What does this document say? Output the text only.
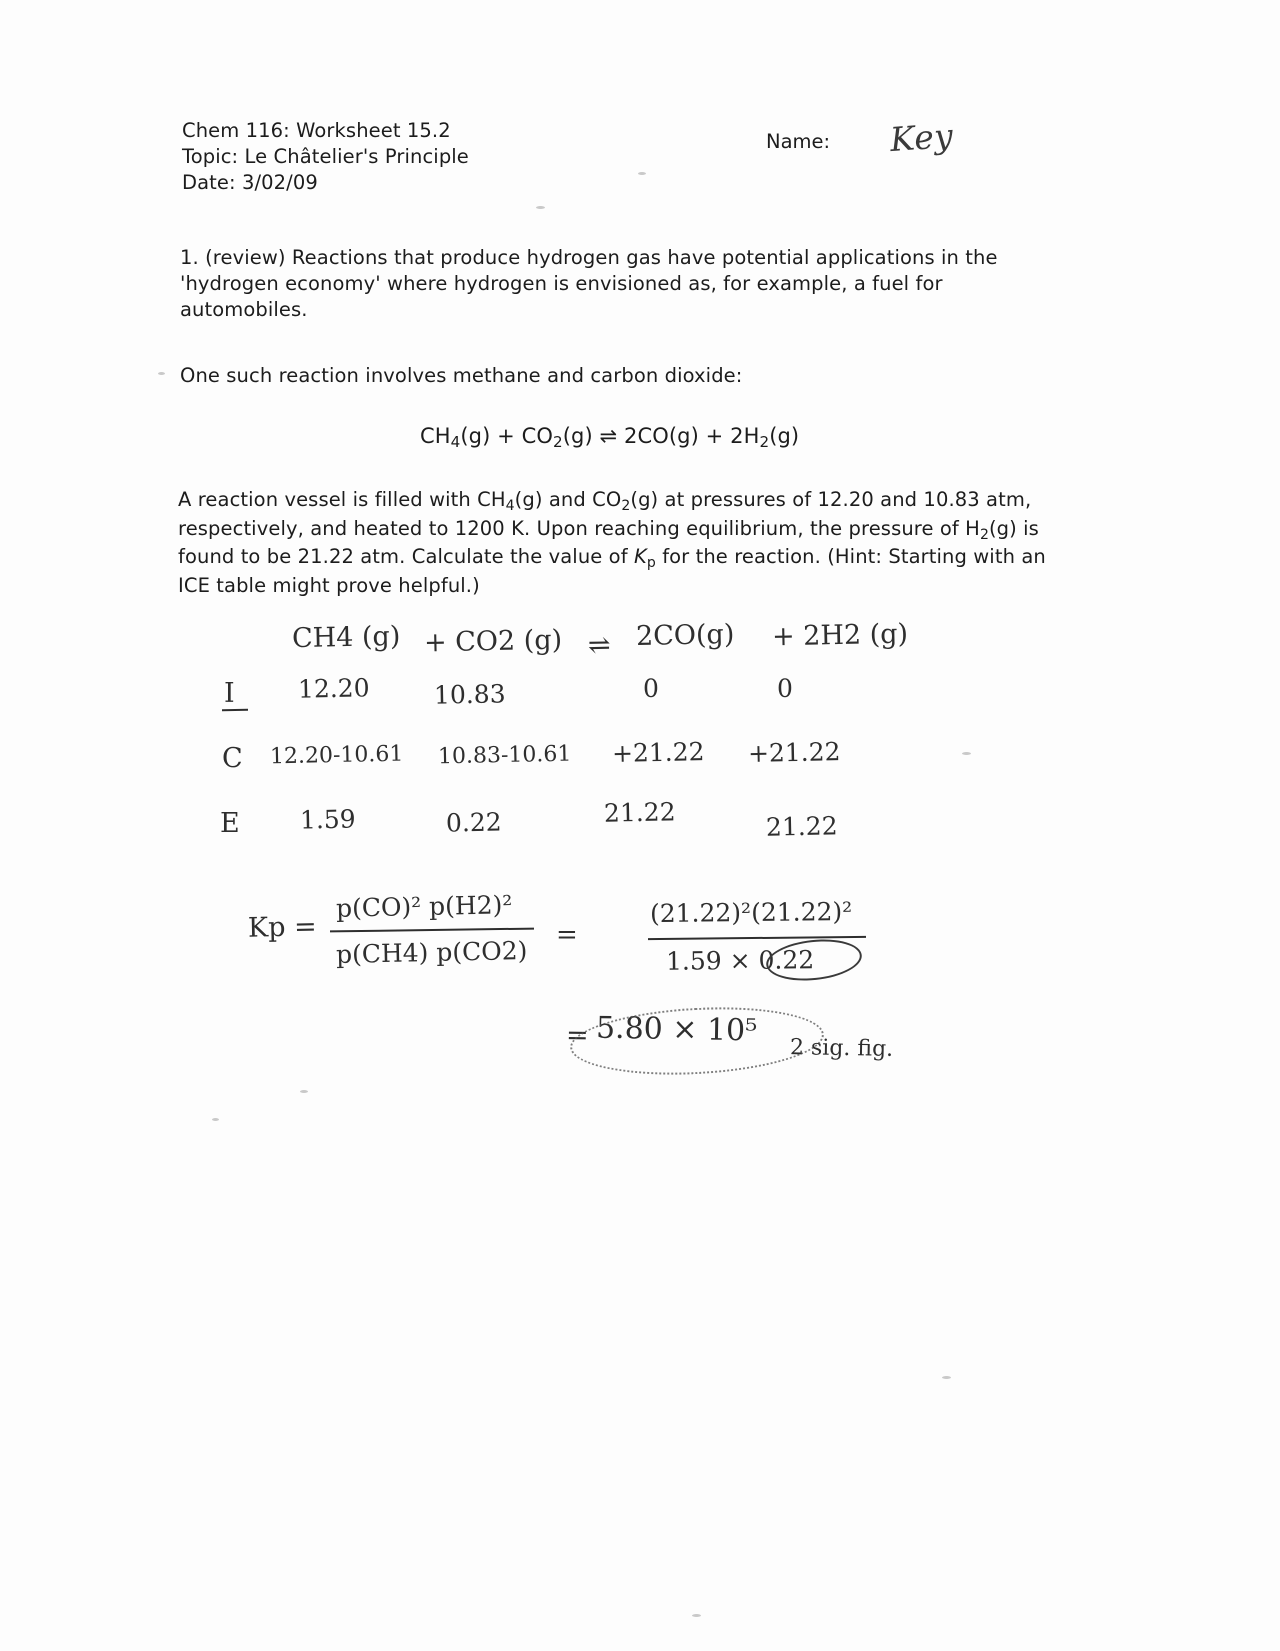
Chem 116: Worksheet 15.2
Topic: Le Châtelier's Principle
Date: 3/02/09
Name: Key
1. (review) Reactions that produce hydrogen gas have potential applications in the 'hydrogen economy' where hydrogen is envisioned as, for example, a fuel for automobiles.
One such reaction involves methane and carbon dioxide:
$CH_4(g) + CO_2(g)$ ⇌ $2CO(g) + 2H_2(g)$
A reaction vessel is filled with $CH_4(g)$ and $CO_2(g)$ at pressures of 12.20 and 10.83 atm, respectively, and heated to 1200 K. Upon reaching equilibrium, the pressure of $H_2(g)$ is found to be 21.22 atm. Calculate the value of $K_p$ for the reaction. (Hint: Starting with an ICE table might prove helpful.)
CH4 (g) + CO2 (g) ⇌ 2CO(g) + 2H2 (g)
I	12.20	10.83	0	0
C 12.20-10.61 10.83-10.61 +21.22 +21.22
E 1.59	0.22	21.22	21.22
Kp =
p(CO)² p(H2)²
p(CH4) p(CO2)
=
(21.22)²(21.22)²
1.59 × 0.22
= 5.80 × 10⁵
2 sig. fig.
